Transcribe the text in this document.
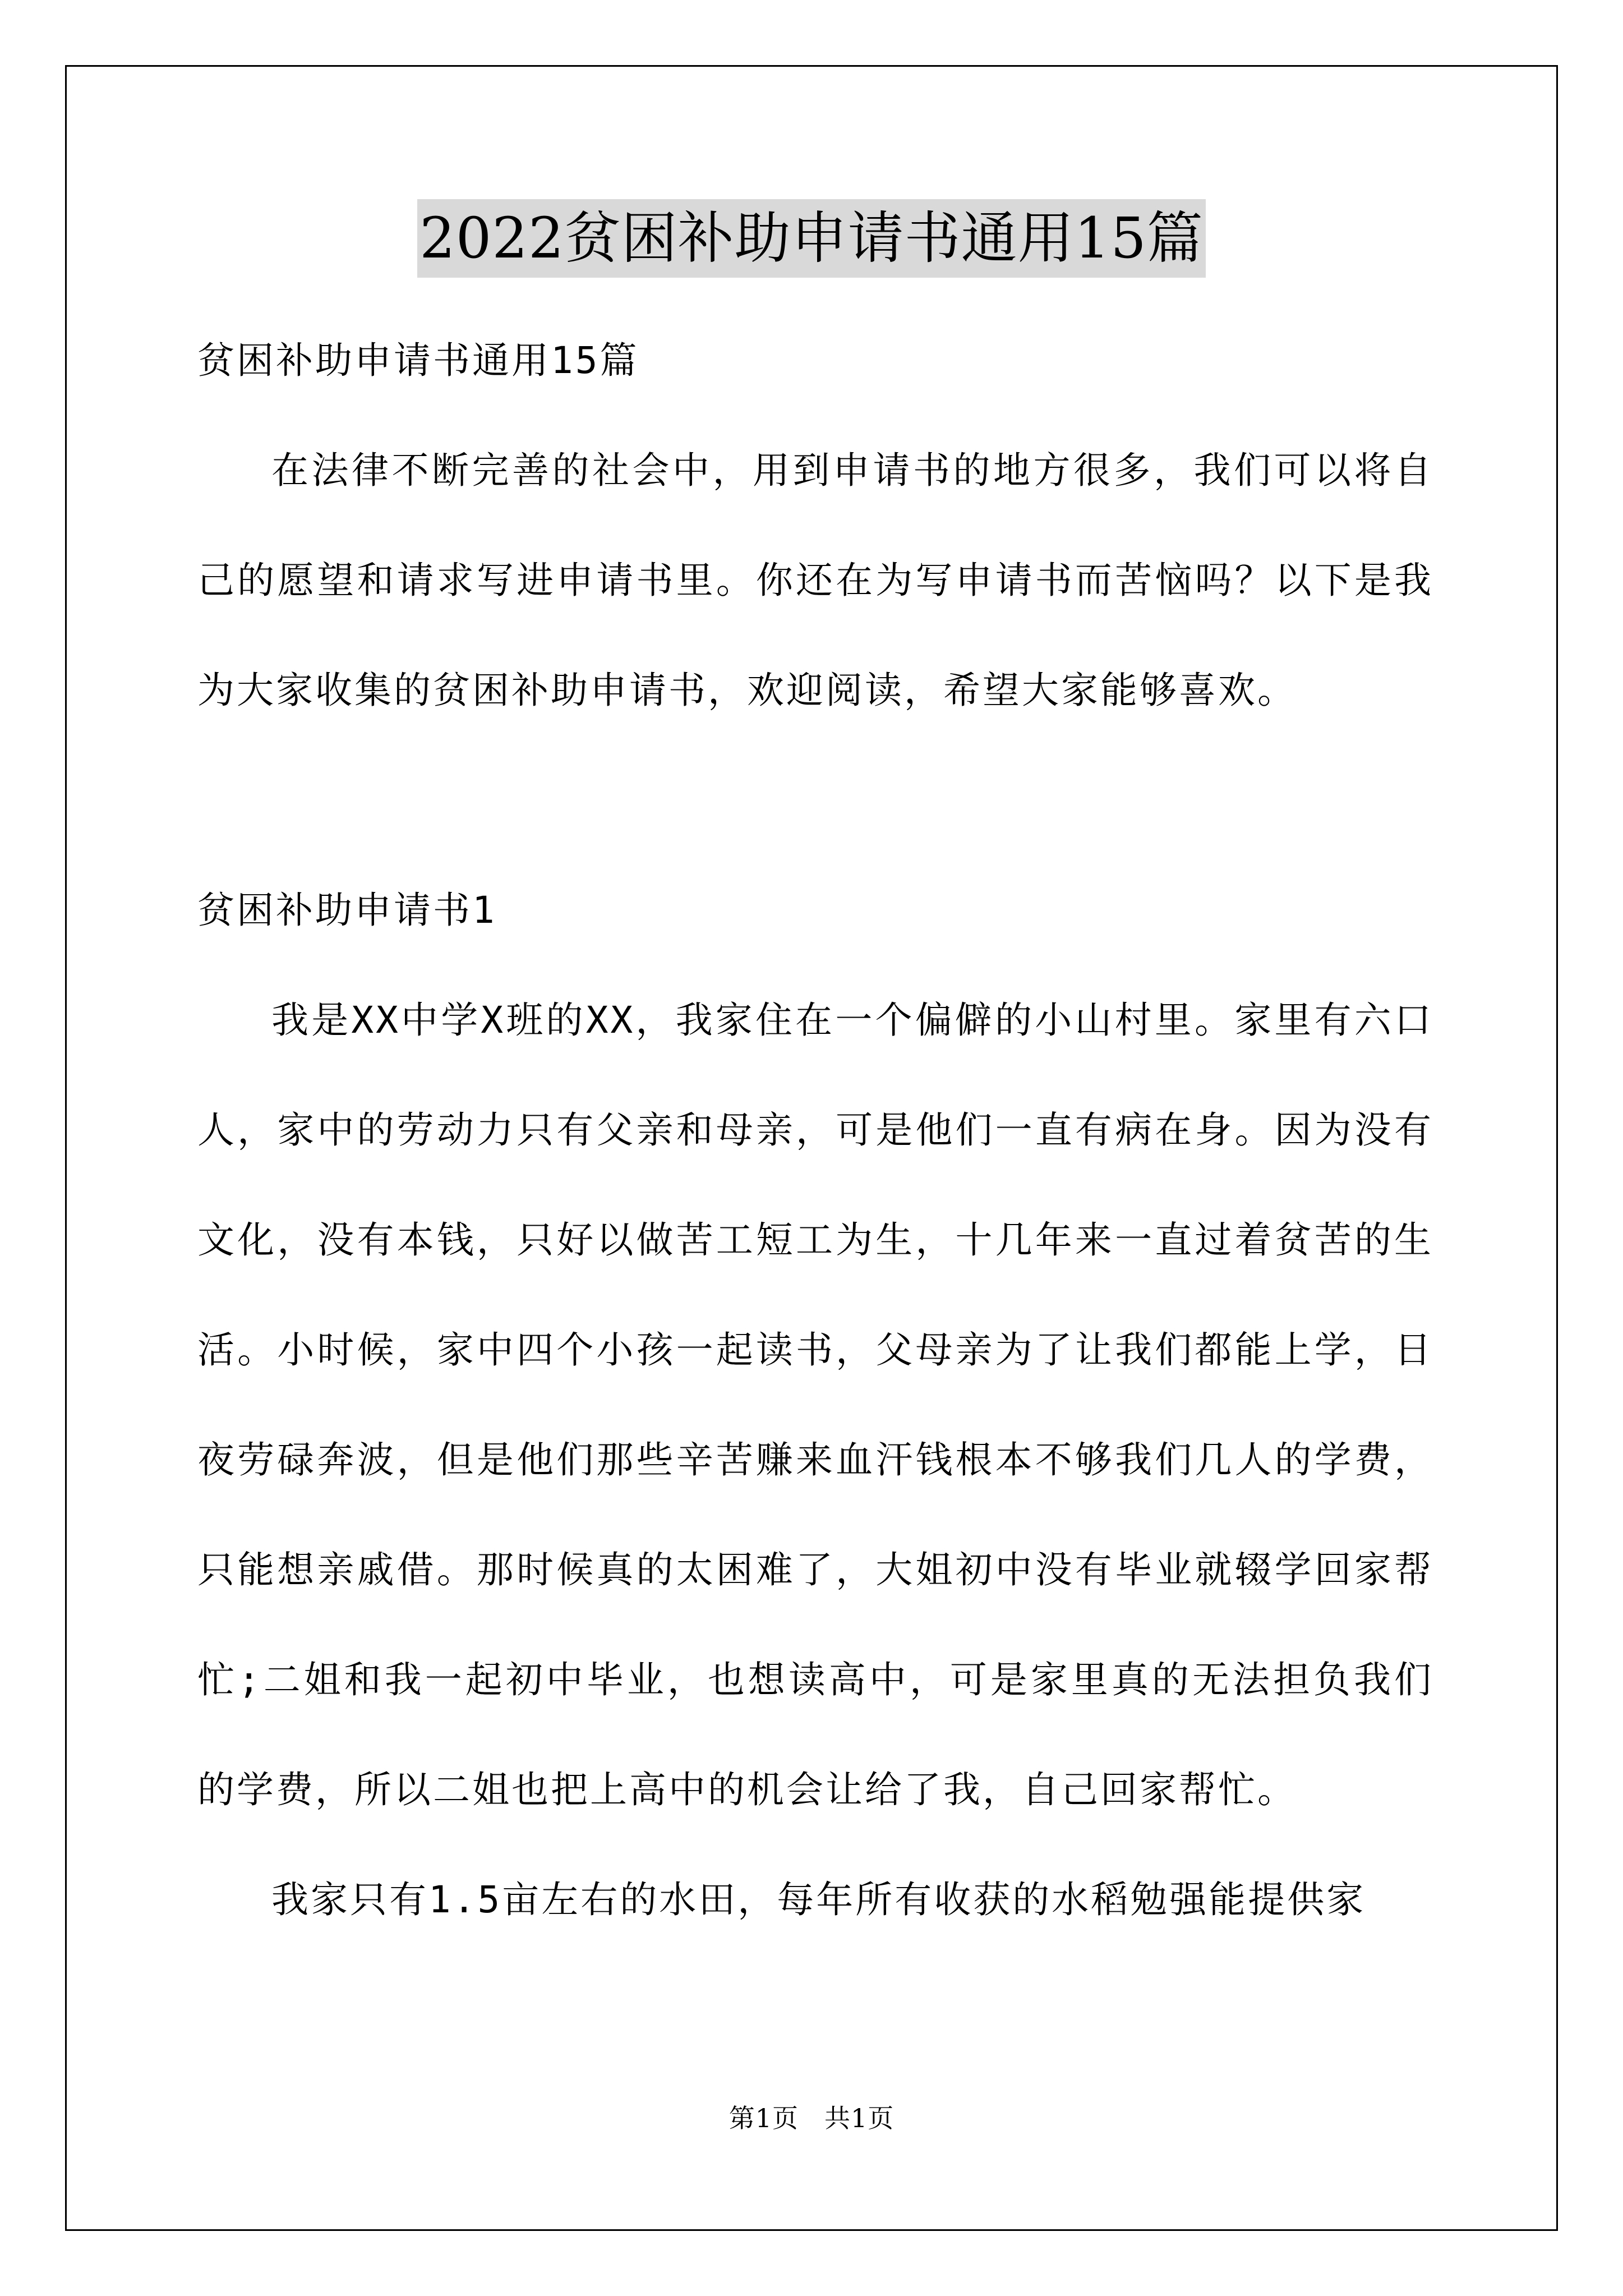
2022贫困补助申请书通用15篇

贫困补助申请书通用15篇

在法律不断完善的社会中，用到申请书的地方很多，我们可以将自己的愿望和请求写进申请书里。你还在为写申请书而苦恼吗？以下是我为大家收集的贫困补助申请书，欢迎阅读，希望大家能够喜欢。

贫困补助申请书1

我是XX中学X班的XX，我家住在一个偏僻的小山村里。家里有六口人，家中的劳动力只有父亲和母亲，可是他们一直有病在身。因为没有文化，没有本钱，只好以做苦工短工为生，十几年来一直过着贫苦的生活。小时候，家中四个小孩一起读书，父母亲为了让我们都能上学，日夜劳碌奔波，但是他们那些辛苦赚来血汗钱根本不够我们几人的学费，只能想亲戚借。那时候真的太困难了，大姐初中没有毕业就辍学回家帮忙;二姐和我一起初中毕业，也想读高中，可是家里真的无法担负我们的学费，所以二姐也把上高中的机会让给了我，自己回家帮忙。

我家只有1.5亩左右的水田，每年所有收获的水稻勉强能提供家

第1页 共1页
